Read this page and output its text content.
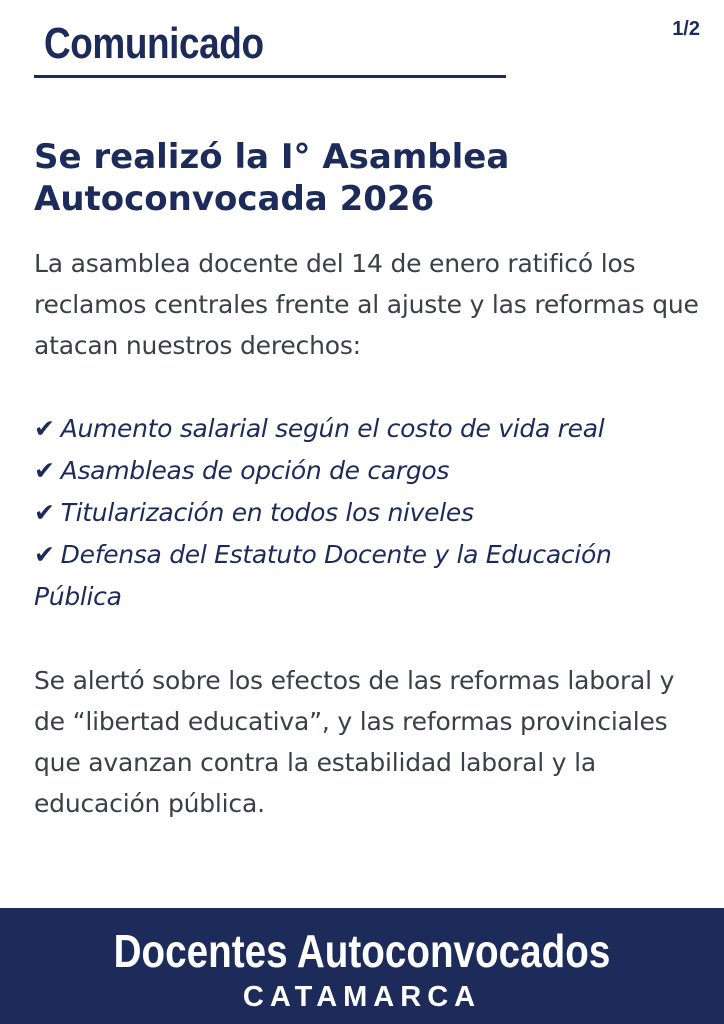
Comunicado	1/2
Se realizó la I° Asamblea Autoconvocada 2026

La asamblea docente del 14 de enero ratificó los reclamos centrales frente al ajuste y las reformas que atacan nuestros derechos:

✔ Aumento salarial según el costo de vida real
✔ Asambleas de opción de cargos
✔ Titularización en todos los niveles
✔ Defensa del Estatuto Docente y la Educación Pública

Se alertó sobre los efectos de las reformas laboral y de “libertad educativa”, y las reformas provinciales que avanzan contra la estabilidad laboral y la educación pública.

Docentes Autoconvocados
CATAMARCA
